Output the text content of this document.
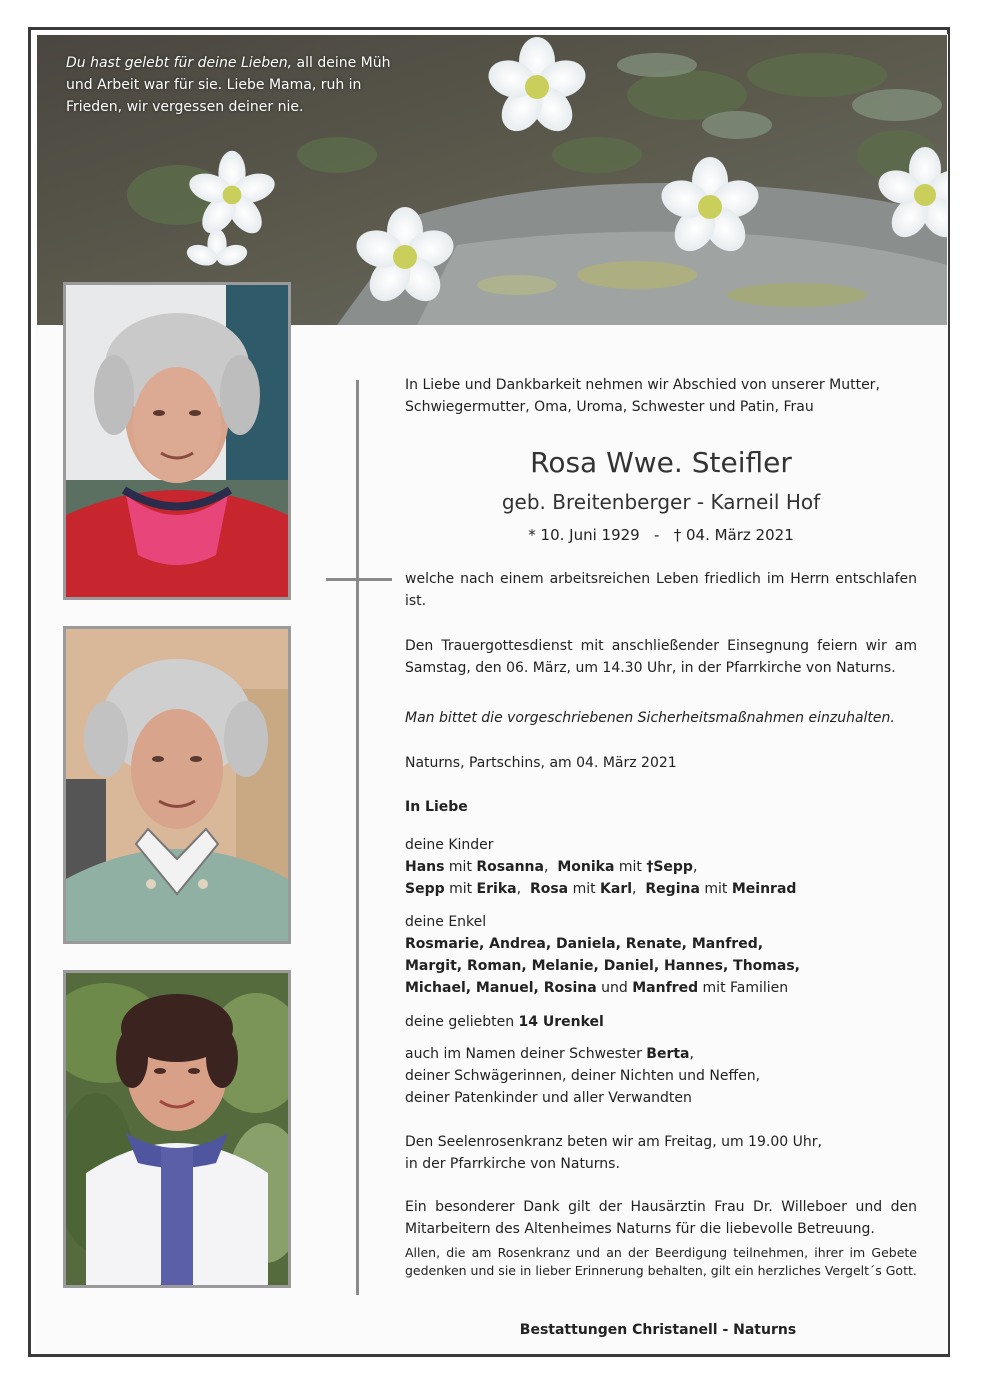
Du hast gelebt für deine Lieben, all deine Müh und Arbeit war für sie. Liebe Mama, ruh in Frieden, wir vergessen deiner nie.
In Liebe und Dankbarkeit nehmen wir Abschied von unserer Mutter, Schwiegermutter, Oma, Uroma, Schwester und Patin, Frau
Rosa Wwe. Steifler
geb. Breitenberger - Karneil Hof
* 10. Juni 1929   -   † 04. März 2021
welche nach einem arbeitsreichen Leben friedlich im Herrn entschlafen ist.
Den Trauergottesdienst mit anschließender Einsegnung feiern wir am Samstag, den 06. März, um 14.30 Uhr, in der Pfarrkirche von Naturns.
Man bittet die vorgeschriebenen Sicherheitsmaßnahmen einzuhalten.
Naturns, Partschins, am 04. März 2021
In Liebe
deine Kinder
Hans mit Rosanna,  Monika mit †Sepp,
Sepp mit Erika,  Rosa mit Karl,  Regina mit Meinrad
deine Enkel
Rosmarie, Andrea, Daniela, Renate, Manfred,
Margit, Roman, Melanie, Daniel, Hannes, Thomas,
Michael, Manuel, Rosina und Manfred mit Familien
deine geliebten 14 Urenkel
auch im Namen deiner Schwester Berta,
deiner Schwägerinnen, deiner Nichten und Neffen,
deiner Patenkinder und aller Verwandten
Den Seelenrosenkranz beten wir am Freitag, um 19.00 Uhr,
in der Pfarrkirche von Naturns.
Ein besonderer Dank gilt der Hausärztin Frau Dr. Willeboer und den Mitarbeitern des Altenheimes Naturns für die liebevolle Betreuung.
Allen, die am Rosenkranz und an der Beerdigung teilnehmen, ihrer im Gebete gedenken und sie in lieber Erinnerung behalten, gilt ein herzliches Vergelt´s Gott.
Bestattungen Christanell - Naturns
